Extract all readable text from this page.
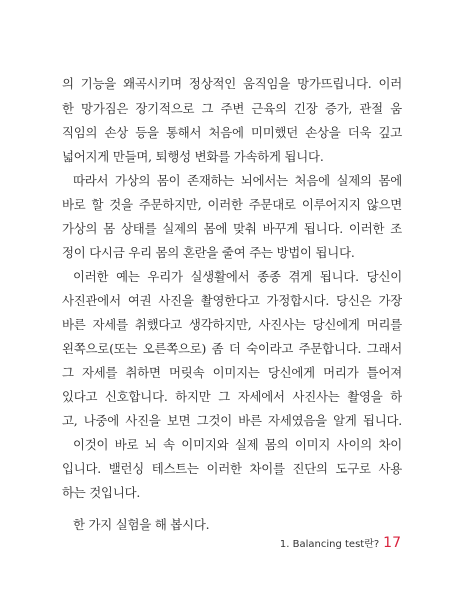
의 기능을 왜곡시키며 정상적인 움직임을 망가뜨립니다. 이러
한 망가짐은 장기적으로 그 주변 근육의 긴장 증가, 관절 움
직임의 손상 등을 통해서 처음에 미미했던 손상을 더욱 깊고
넓어지게 만들며, 퇴행성 변화를 가속하게 됩니다.
따라서 가상의 몸이 존재하는 뇌에서는 처음에 실제의 몸에
바로 할 것을 주문하지만, 이러한 주문대로 이루어지지 않으면
가상의 몸 상태를 실제의 몸에 맞춰 바꾸게 됩니다. 이러한 조
정이 다시금 우리 몸의 혼란을 줄여 주는 방법이 됩니다.
이러한 예는 우리가 실생활에서 종종 겪게 됩니다. 당신이
사진관에서 여권 사진을 촬영한다고 가정합시다. 당신은 가장
바른 자세를 취했다고 생각하지만, 사진사는 당신에게 머리를
왼쪽으로(또는 오른쪽으로) 좀 더 숙이라고 주문합니다. 그래서
그 자세를 취하면 머릿속 이미지는 당신에게 머리가 틀어져
있다고 신호합니다. 하지만 그 자세에서 사진사는 촬영을 하
고, 나중에 사진을 보면 그것이 바른 자세였음을 알게 됩니다.
이것이 바로 뇌 속 이미지와 실제 몸의 이미지 사이의 차이
입니다. 밸런싱 테스트는 이러한 차이를 진단의 도구로 사용
하는 것입니다.
한 가지 실험을 해 봅시다.
1. Balancing test란? 17
